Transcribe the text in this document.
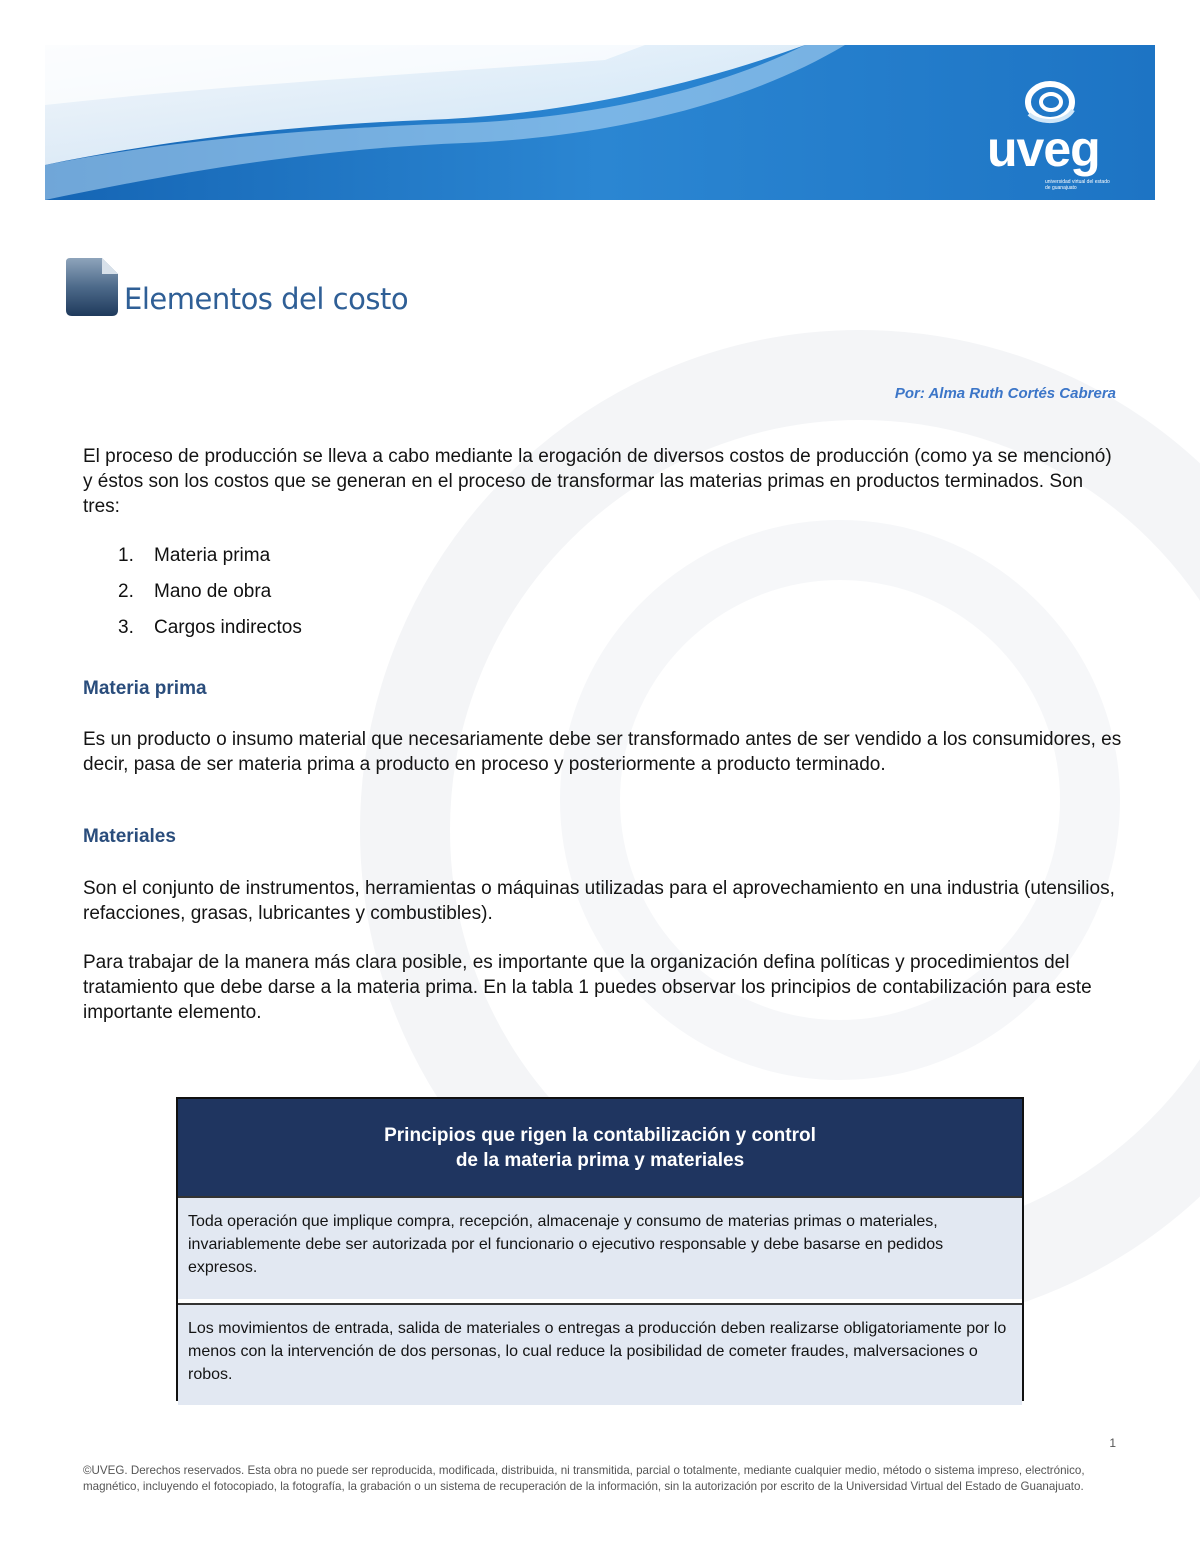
uveg
universidad virtual del estado de guanajuato
Elementos del costo
Por: Alma Ruth Cortés Cabrera
El proceso de producción se lleva a cabo mediante la erogación de diversos costos de producción (como ya se mencionó) y éstos son los costos que se generan en el proceso de transformar las materias primas en productos terminados. Son tres:
1. Materia prima
2. Mano de obra
3. Cargos indirectos
Materia prima
Es un producto o insumo material que necesariamente debe ser transformado antes de ser vendido a los consumidores, es decir, pasa de ser materia prima a producto en proceso y posteriormente a producto terminado.
Materiales
Son el conjunto de instrumentos, herramientas o máquinas utilizadas para el aprovechamiento en una industria (utensilios, refacciones, grasas, lubricantes y combustibles).
Para trabajar de la manera más clara posible, es importante que la organización defina políticas y procedimientos del tratamiento que debe darse a la materia prima. En la tabla 1 puedes observar los principios de contabilización para este importante elemento.
Principios que rigen la contabilización y control
de la materia prima y materiales
Toda operación que implique compra, recepción, almacenaje y consumo de materias primas o materiales, invariablemente debe ser autorizada por el funcionario o ejecutivo responsable y debe basarse en pedidos expresos.
Los movimientos de entrada, salida de materiales o entregas a producción deben realizarse obligatoriamente por lo menos con la intervención de dos personas, lo cual reduce la posibilidad de cometer fraudes, malversaciones o robos.
1
©UVEG. Derechos reservados. Esta obra no puede ser reproducida, modificada, distribuida, ni transmitida, parcial o totalmente, mediante cualquier medio, método o sistema impreso, electrónico, magnético, incluyendo el fotocopiado, la fotografía, la grabación o un sistema de recuperación de la información, sin la autorización por escrito de la Universidad Virtual del Estado de Guanajuato.
